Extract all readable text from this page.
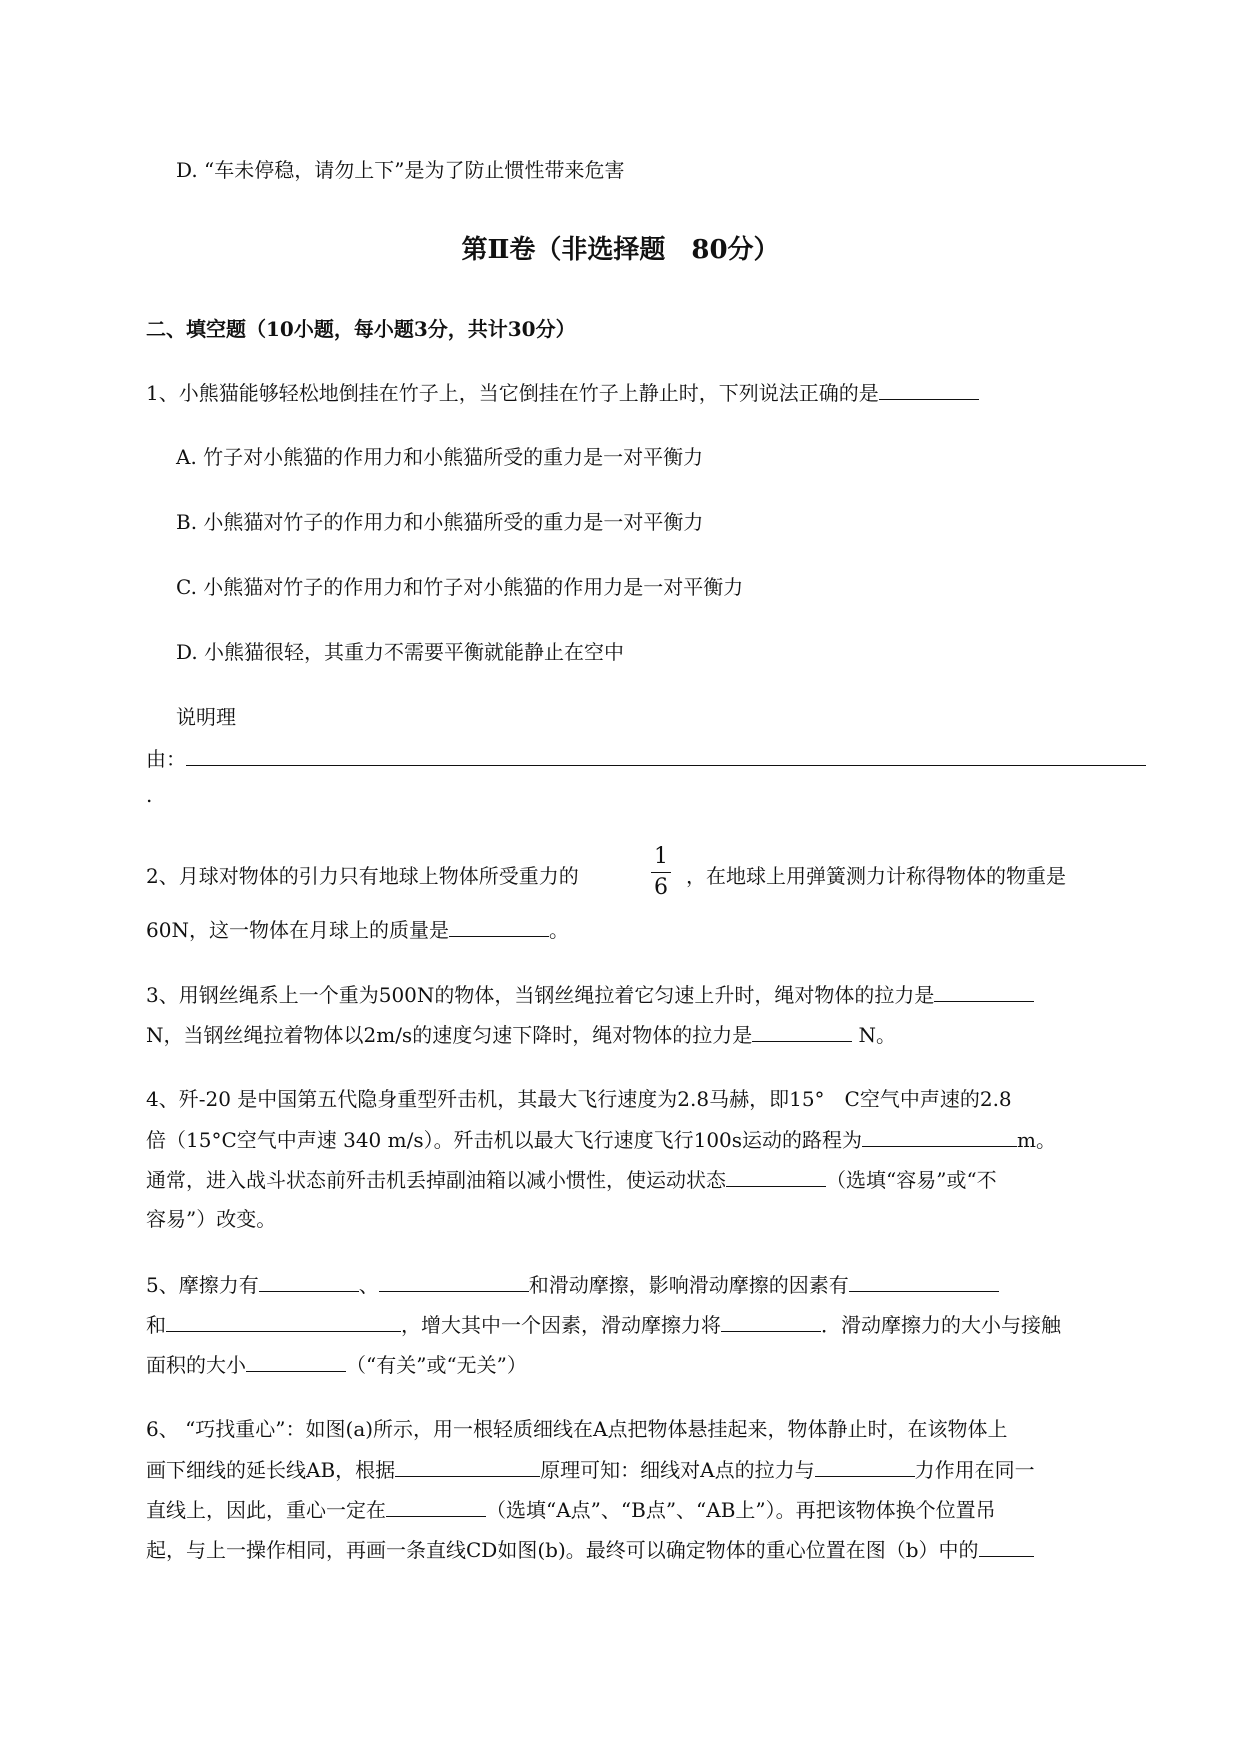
D. “车未停稳，请勿上下”是为了防止惯性带来危害
第Ⅱ卷（非选择题　80分）
二、填空题（10小题，每小题3分，共计30分）
1、小熊猫能够轻松地倒挂在竹子上，当它倒挂在竹子上静止时，下列说法正确的是
A. 竹子对小熊猫的作用力和小熊猫所受的重力是一对平衡力
B. 小熊猫对竹子的作用力和小熊猫所受的重力是一对平衡力
C. 小熊猫对竹子的作用力和竹子对小熊猫的作用力是一对平衡力
D. 小熊猫很轻，其重力不需要平衡就能静止在空中
说明理
由：
.
2、月球对物体的引力只有地球上物体所受重力的
1
6 ，在地球上用弹簧测力计称得物体的物重是
60N，这一物体在月球上的质量是	。
3、用钢丝绳系上一个重为500N的物体，当钢丝绳拉着它匀速上升时，绳对物体的拉力是
N，当钢丝绳拉着物体以2m/s的速度匀速下降时，绳对物体的拉力是	N。
4、歼-20 是中国第五代隐身重型歼击机，其最大飞行速度为2.8马赫，即15°　C空气中声速的2.8
倍（15°C空气中声速 340 m/s）。歼击机以最大飞行速度飞行100s运动的路程为	m。
通常，进入战斗状态前歼击机丢掉副油箱以减小惯性，使运动状态	（选填“容易”或“不
容易”）改变。
5、摩擦力有	、	和滑动摩擦，影响滑动摩擦的因素有
和	，增大其中一个因素，滑动摩擦力将	．滑动摩擦力的大小与接触
面积的大小	（“有关”或“无关”）
6、 “巧找重心”：如图(a)所示，用一根轻质细线在A点把物体悬挂起来，物体静止时，在该物体上
画下细线的延长线AB，根据	原理可知：细线对A点的拉力与	力作用在同一
直线上，因此，重心一定在	（选填“A点”、“B点”、“AB上”）。再把该物体换个位置吊
起，与上一操作相同，再画一条直线CD如图(b)。最终可以确定物体的重心位置在图（b）中的
